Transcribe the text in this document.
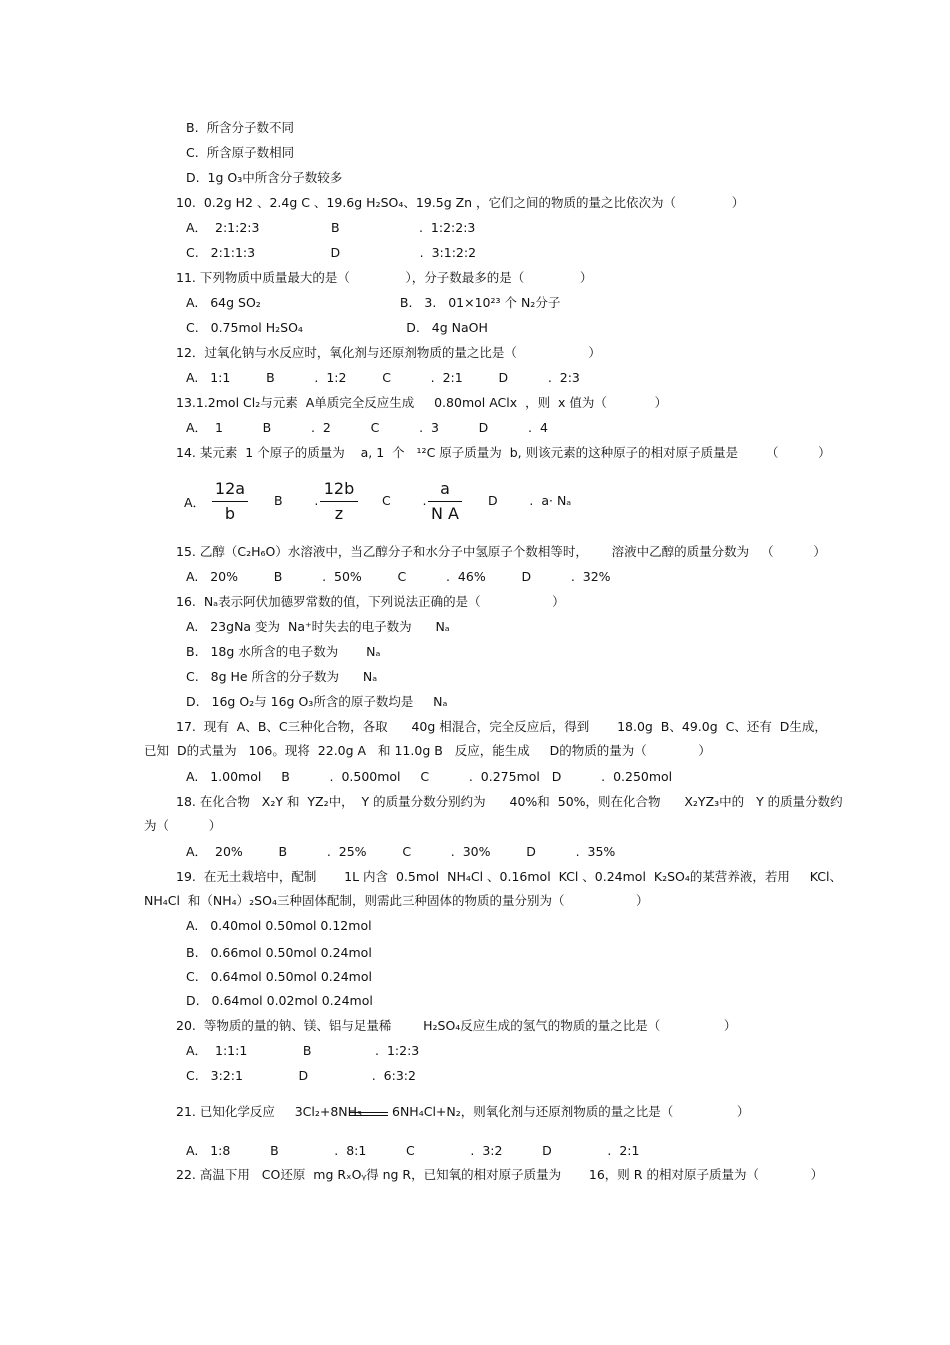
B.  所含分子数不同
C.  所含原子数相同
D.  1g O₃中所含分子数较多
10.  0.2g H2 、2.4g C 、19.6g H₂SO₄、19.5g Zn ，它们之间的物质的量之比依次为（              ）
A．  2:1:2:3                  B                    .  1:2:2:3
C.   2:1:1:3                   D                    .  3:1:2:2
11. 下列物质中质量最大的是（              ），分子数最多的是（              ）
A.   64g SO₂                                   B.   3.   01×10²³ 个 N₂分子
C.   0.75mol H₂SO₄                          D.   4g NaOH
12．过氧化钠与水反应时，氧化剂与还原剂物质的量之比是（                  ）
A.   1:1         B          .  1:2         C          .  2:1         D          .  2:3
13.1.2mol Cl₂与元素  A单质完全反应生成     0.80mol AClx  ，则  x 值为（            ）
A．  1          B          .  2          C          .  3          D          .  4
14. 某元素  1 个原子的质量为    a, 1  个   ¹²C 原子质量为  b, 则该元素的这种原子的相对原子质量是       （          ）
A．
12a
b
B        .
12b
z
C        .
a
N A
D        .  a· Nₐ
15. 乙醇（C₂H₆O）水溶液中，当乙醇分子和水分子中氢原子个数相等时，      溶液中乙醇的质量分数为   （          ）
A.   20%         B          .  50%         C          .  46%         D          .  32%
16.  Nₐ表示阿伏加德罗常数的值，下列说法正确的是（                  ）
A.   23gNa 变为  Na⁺时失去的电子数为      Nₐ
B.   18g 水所含的电子数为       Nₐ
C.   8g He 所含的分子数为      Nₐ
D.   16g O₂与 16g O₃所含的原子数均是     Nₐ
17.  现有  A、B、C三种化合物，各取      40g 相混合，完全反应后，得到       18.0g  B、49.0g  C、还有  D生成，
已知  D的式量为   106。现将  22.0g A   和 11.0g B   反应，能生成     D的物质的量为（             ）
A.   1.00mol     B          .  0.500mol     C          .  0.275mol   D          .  0.250mol
18. 在化合物   X₂Y 和  YZ₂中，  Y 的质量分数分别约为      40%和  50%，则在化合物      X₂YZ₃中的   Y 的质量分数约
为（          ）
A．  20%         B          .  25%         C          .  30%         D          .  35%
19.  在无土栽培中，配制       1L 内含  0.5mol  NH₄Cl 、0.16mol  KCl 、0.24mol  K₂SO₄的某营养液，若用     KCl、
NH₄Cl  和（NH₄）₂SO₄三种固体配制，则需此三种固体的物质的量分别为（                  ）
A.   0.40mol 0.50mol 0.12mol
B.   0.66mol 0.50mol 0.24mol
C.   0.64mol 0.50mol 0.24mol
D.   0.64mol 0.02mol 0.24mol
20.  等物质的量的钠、镁、铝与足量稀        H₂SO₄反应生成的氢气的物质的量之比是（                ）
A．  1:1:1              B                .  1:2:3
C.   3:2:1              D                .  6:3:2
21. 已知化学反应     3Cl₂+8NH₃ 6NH₄Cl+N₂，则氧化剂与还原剂物质的量之比是（                ）
A.   1:8          B              .  8:1          C              .  3:2          D              .  2:1
22. 高温下用   CO还原  mg RₓOᵧ得 ng R，已知氧的相对原子质量为       16，则 R 的相对原子质量为（             ）
